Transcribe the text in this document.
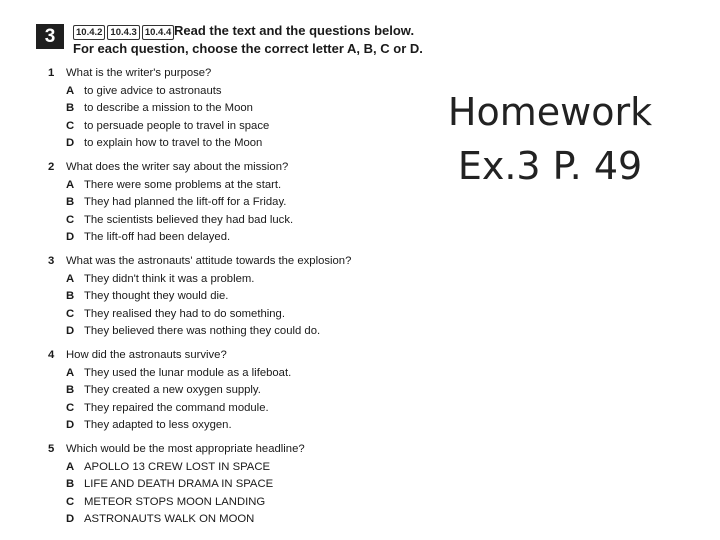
3	10.4.2 10.4.3 10.4.4 Read the text and the questions below.
For each question, choose the correct letter A, B, C or D.
1	What is the writer's purpose?
A to give advice to astronauts
B to describe a mission to the Moon
C to persuade people to travel in space
D to explain how to travel to the Moon
2	What does the writer say about the mission?
A There were some problems at the start.
B They had planned the lift-off for a Friday.
C The scientists believed they had bad luck.
D The lift-off had been delayed.
3	What was the astronauts' attitude towards the explosion?
A They didn't think it was a problem.
B They thought they would die.
C They realised they had to do something.
D They believed there was nothing they could do.
4	How did the astronauts survive?
A They used the lunar module as a lifeboat.
B They created a new oxygen supply.
C They repaired the command module.
D They adapted to less oxygen.
5	Which would be the most appropriate headline?
A APOLLO 13 CREW LOST IN SPACE
B LIFE AND DEATH DRAMA IN SPACE
C METEOR STOPS MOON LANDING
D ASTRONAUTS WALK ON MOON
Homework
Ex.3 P. 49
